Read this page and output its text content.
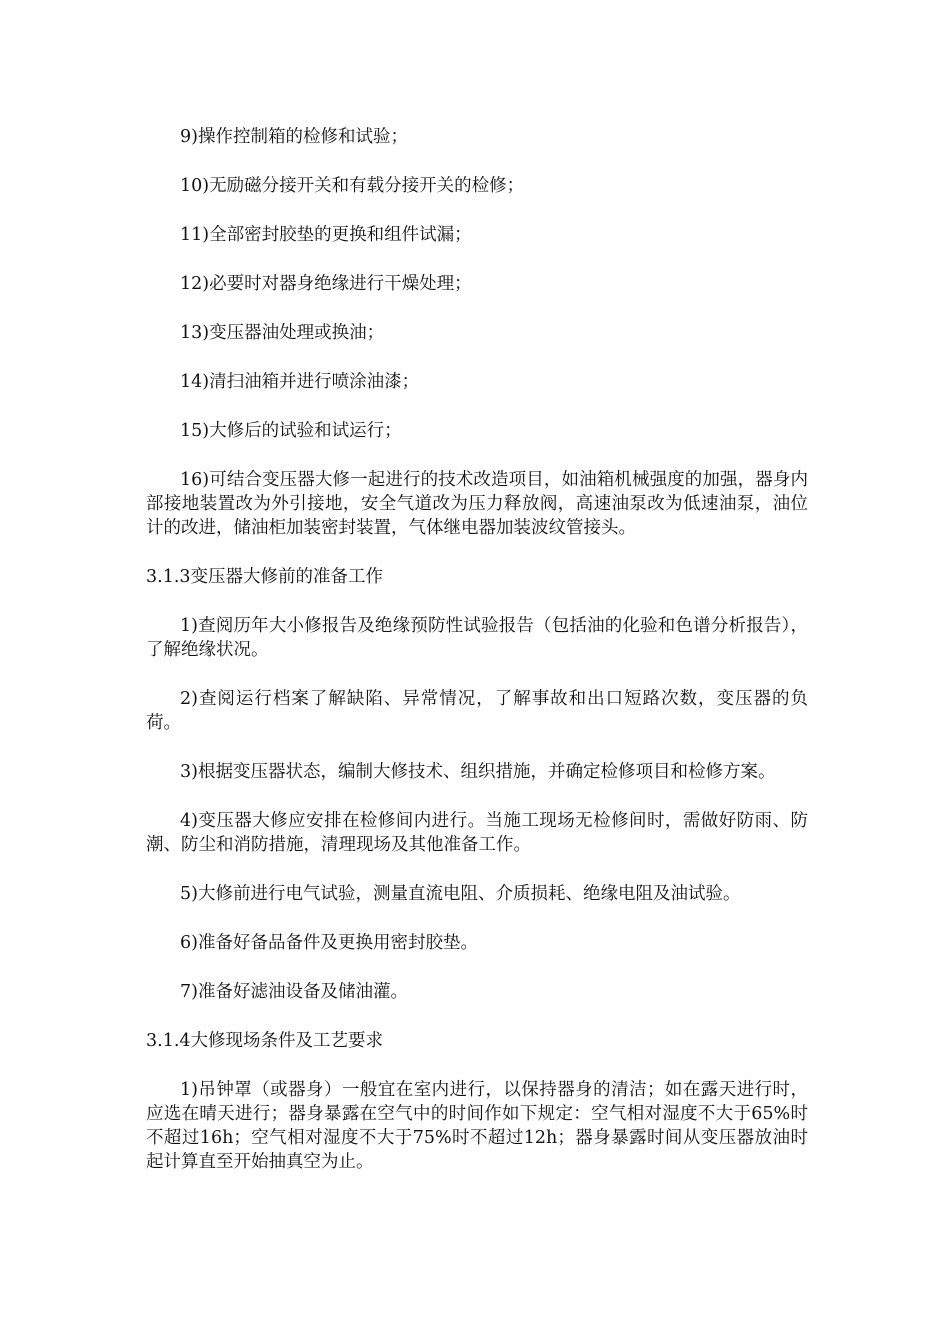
9)操作控制箱的检修和试验；

10)无励磁分接开关和有载分接开关的检修；

11)全部密封胶垫的更换和组件试漏；

12)必要时对器身绝缘进行干燥处理；

13)变压器油处理或换油；

14)清扫油箱并进行喷涂油漆；

15)大修后的试验和试运行；

16)可结合变压器大修一起进行的技术改造项目，如油箱机械强度的加强，器身内部接地装置改为外引接地，安全气道改为压力释放阀，高速油泵改为低速油泵，油位计的改进，储油柜加装密封装置，气体继电器加装波纹管接头。

3.1.3变压器大修前的准备工作

1)查阅历年大小修报告及绝缘预防性试验报告（包括油的化验和色谱分析报告），了解绝缘状况。

2)查阅运行档案了解缺陷、异常情况，了解事故和出口短路次数，变压器的负荷。

3)根据变压器状态，编制大修技术、组织措施，并确定检修项目和检修方案。

4)变压器大修应安排在检修间内进行。当施工现场无检修间时，需做好防雨、防潮、防尘和消防措施，清理现场及其他准备工作。

5)大修前进行电气试验，测量直流电阻、介质损耗、绝缘电阻及油试验。

6)准备好备品备件及更换用密封胶垫。

7)准备好滤油设备及储油灌。

3.1.4大修现场条件及工艺要求

1)吊钟罩（或器身）一般宜在室内进行，以保持器身的清洁；如在露天进行时，应选在晴天进行；器身暴露在空气中的时间作如下规定：空气相对湿度不大于65%时不超过16h；空气相对湿度不大于75%时不超过12h；器身暴露时间从变压器放油时起计算直至开始抽真空为止。
